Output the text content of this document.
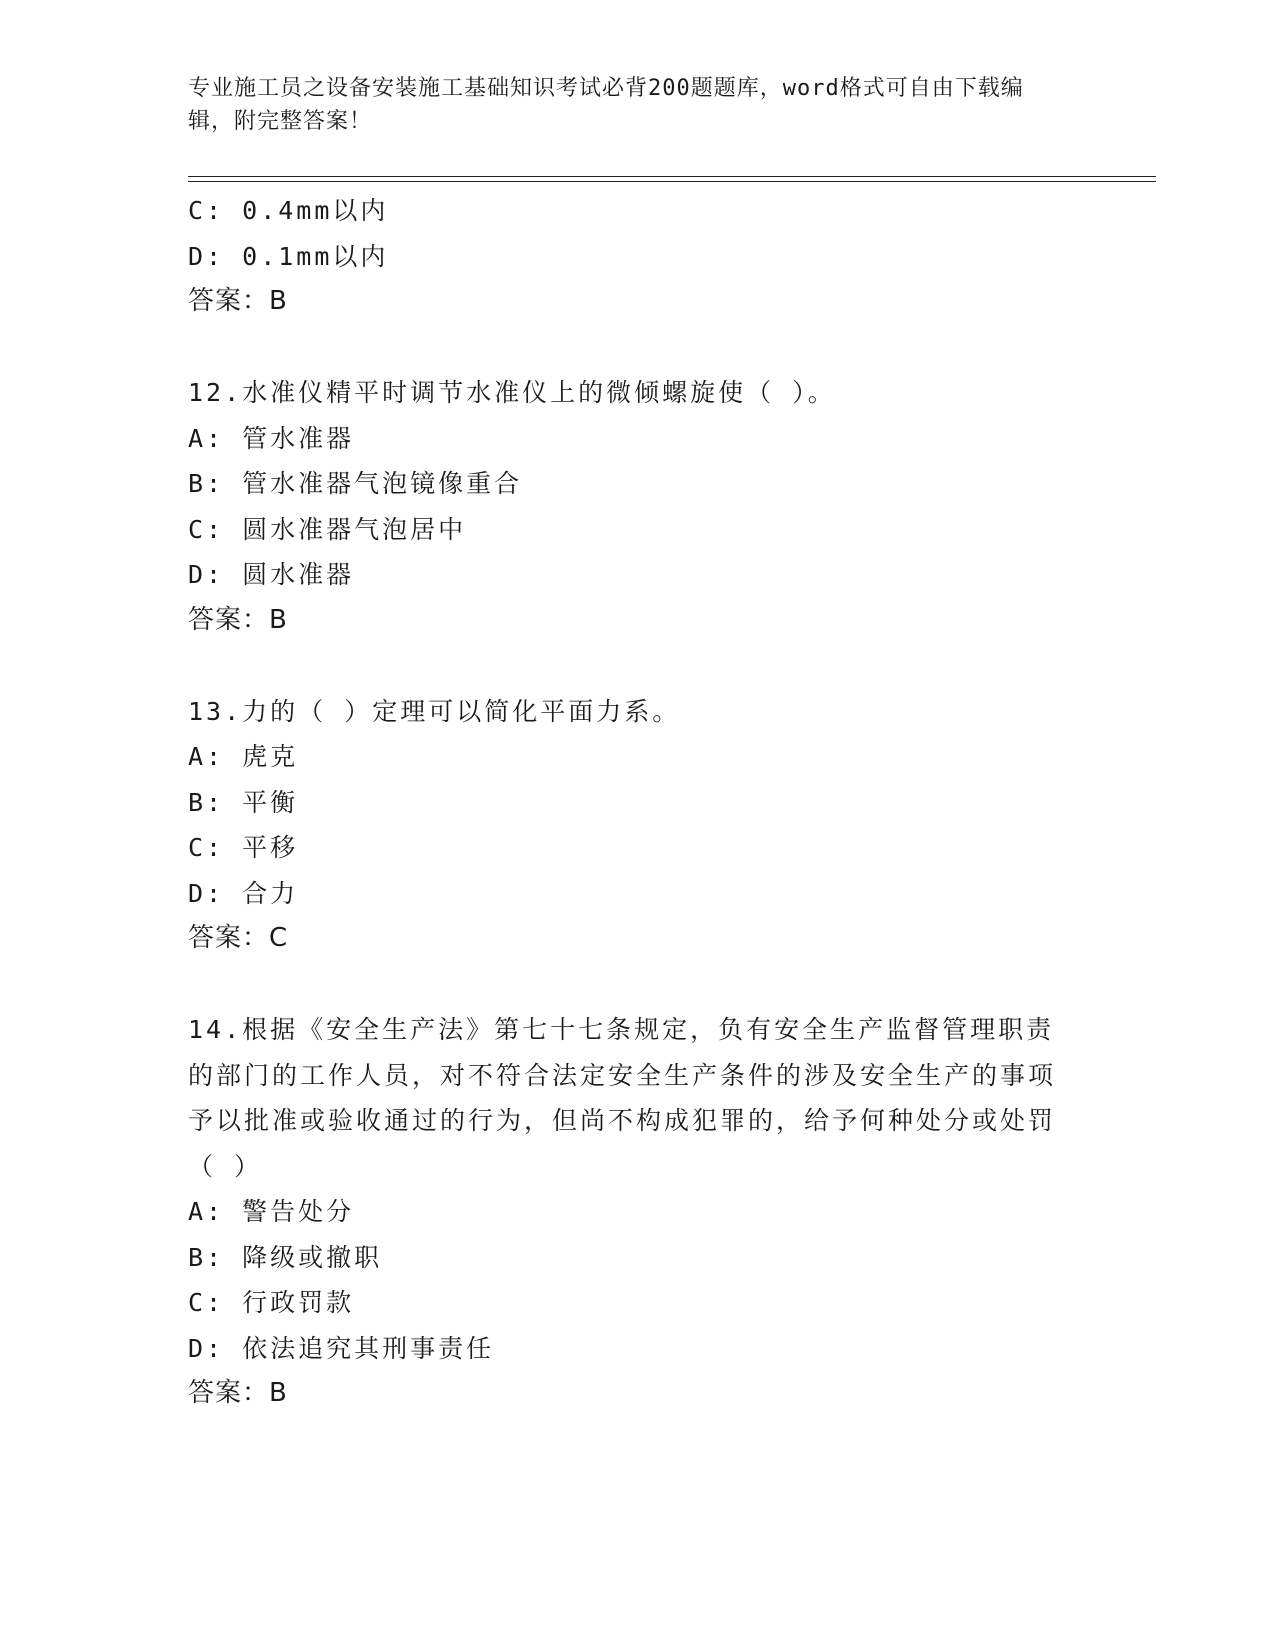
专业施工员之设备安装施工基础知识考试必背200题题库，word格式可自由下载编辑，附完整答案！
C: 0.4mm以内
D: 0.1mm以内
答案：B
12.水准仪精平时调节水准仪上的微倾螺旋使（ ）。
A: 管水准器
B: 管水准器气泡镜像重合
C: 圆水准器气泡居中
D: 圆水准器
答案：B
13.力的（ ）定理可以简化平面力系。
A: 虎克
B: 平衡
C: 平移
D: 合力
答案：C
14.根据《安全生产法》第七十七条规定，负有安全生产监督管理职责的部门的工作人员，对不符合法定安全生产条件的涉及安全生产的事项予以批准或验收通过的行为，但尚不构成犯罪的，给予何种处分或处罚（ ）
A: 警告处分
B: 降级或撤职
C: 行政罚款
D: 依法追究其刑事责任
答案：B
